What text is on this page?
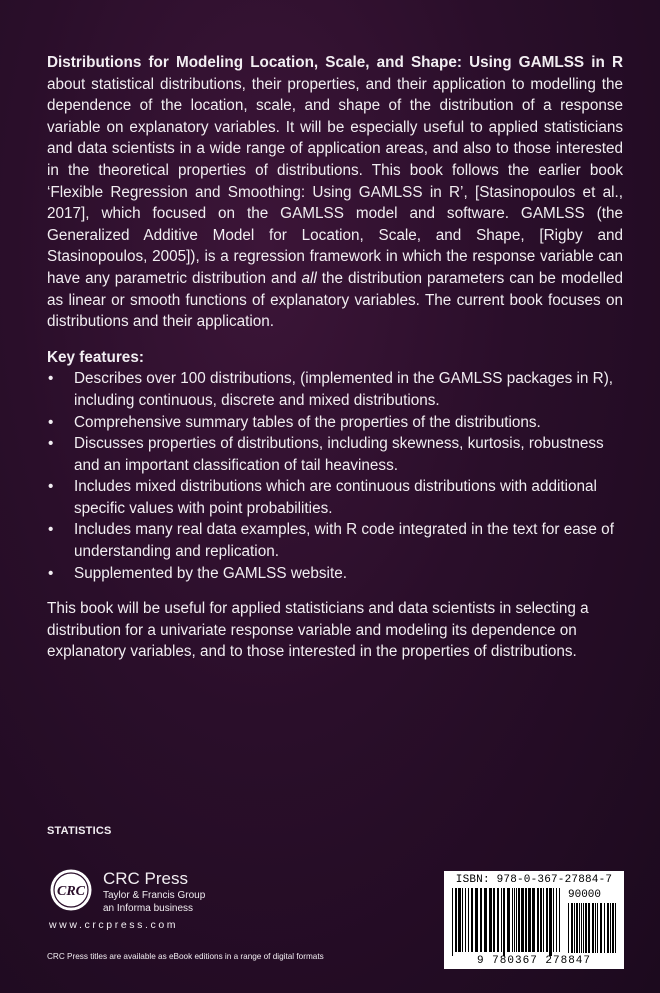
Distributions for Modeling Location, Scale, and Shape: Using GAMLSS in R about statistical distributions, their properties, and their application to modelling the dependence of the location, scale, and shape of the distribution of a response variable on explanatory variables. It will be especially useful to applied statisticians and data scientists in a wide range of application areas, and also to those interested in the theoretical properties of distributions. This book follows the earlier book ‘Flexible Regression and Smoothing: Using GAMLSS in R’, [Stasinopoulos et al., 2017], which focused on the GAMLSS model and software. GAMLSS (the Generalized Additive Model for Location, Scale, and Shape, [Rigby and Stasinopoulos, 2005]), is a regression framework in which the response variable can have any parametric distribution and all the distribution parameters can be modelled as linear or smooth functions of explanatory variables. The current book focuses on distributions and their application.

Key features:

• Describes over 100 distributions, (implemented in the GAMLSS packages in R), including continuous, discrete and mixed distributions.
• Comprehensive summary tables of the properties of the distributions.
• Discusses properties of distributions, including skewness, kurtosis, robustness and an important classification of tail heaviness.
• Includes mixed distributions which are continuous distributions with additional specific values with point probabilities.
• Includes many real data examples, with R code integrated in the text for ease of understanding and replication.
• Supplemented by the GAMLSS website.

This book will be useful for applied statisticians and data scientists in selecting a distribution for a univariate response variable and modeling its dependence on explanatory variables, and to those interested in the properties of distributions.

STATISTICS
CRC
CRC Press
Taylor & Francis Group
an Informa business
www.crcpress.com
CRC Press titles are available as eBook editions in a range of digital formats
ISBN: 978-0-367-27884-7
90000
9 780367 278847
